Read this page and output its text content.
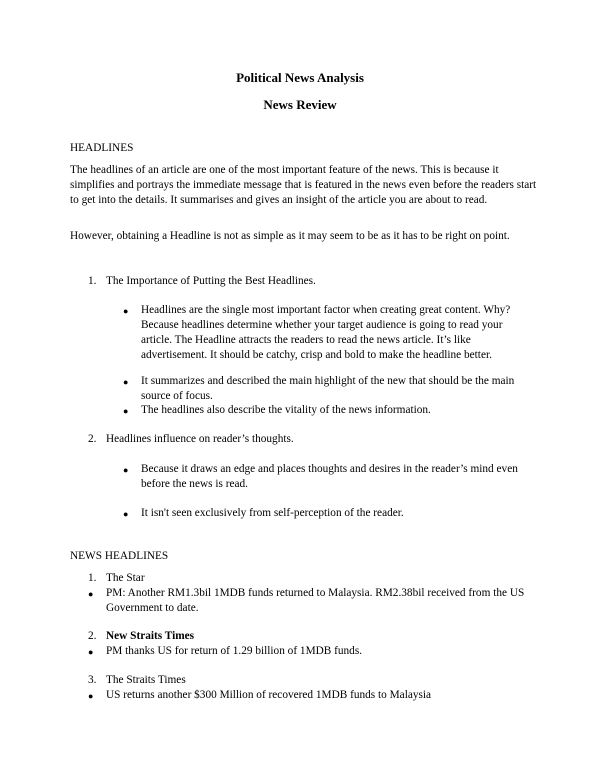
Political News Analysis
News Review
HEADLINES
The headlines of an article are one of the most important feature of the news. This is because it simplifies and portrays the immediate message that is featured in the news even before the readers start to get into the details. It summarises and gives an insight of the article you are about to read.
However, obtaining a Headline is not as simple as it may seem to be as it has to be right on point.
1. The Importance of Putting the Best Headlines.
● Headlines are the single most important factor when creating great content. Why? Because headlines determine whether your target audience is going to read your article. The Headline attracts the readers to read the news article. It’s like advertisement. It should be catchy, crisp and bold to make the headline better.
● It summarizes and described the main highlight of the new that should be the main source of focus.
● The headlines also describe the vitality of the news information.
2. Headlines influence on reader’s thoughts.
● Because it draws an edge and places thoughts and desires in the reader’s mind even before the news is read.
● It isn't seen exclusively from self-perception of the reader.
NEWS HEADLINES
1. The Star
● PM: Another RM1.3bil 1MDB funds returned to Malaysia. RM2.38bil received from the US Government to date.
2. New Straits Times
● PM thanks US for return of 1.29 billion of 1MDB funds.
3. The Straits Times
● US returns another $300 Million of recovered 1MDB funds to Malaysia
